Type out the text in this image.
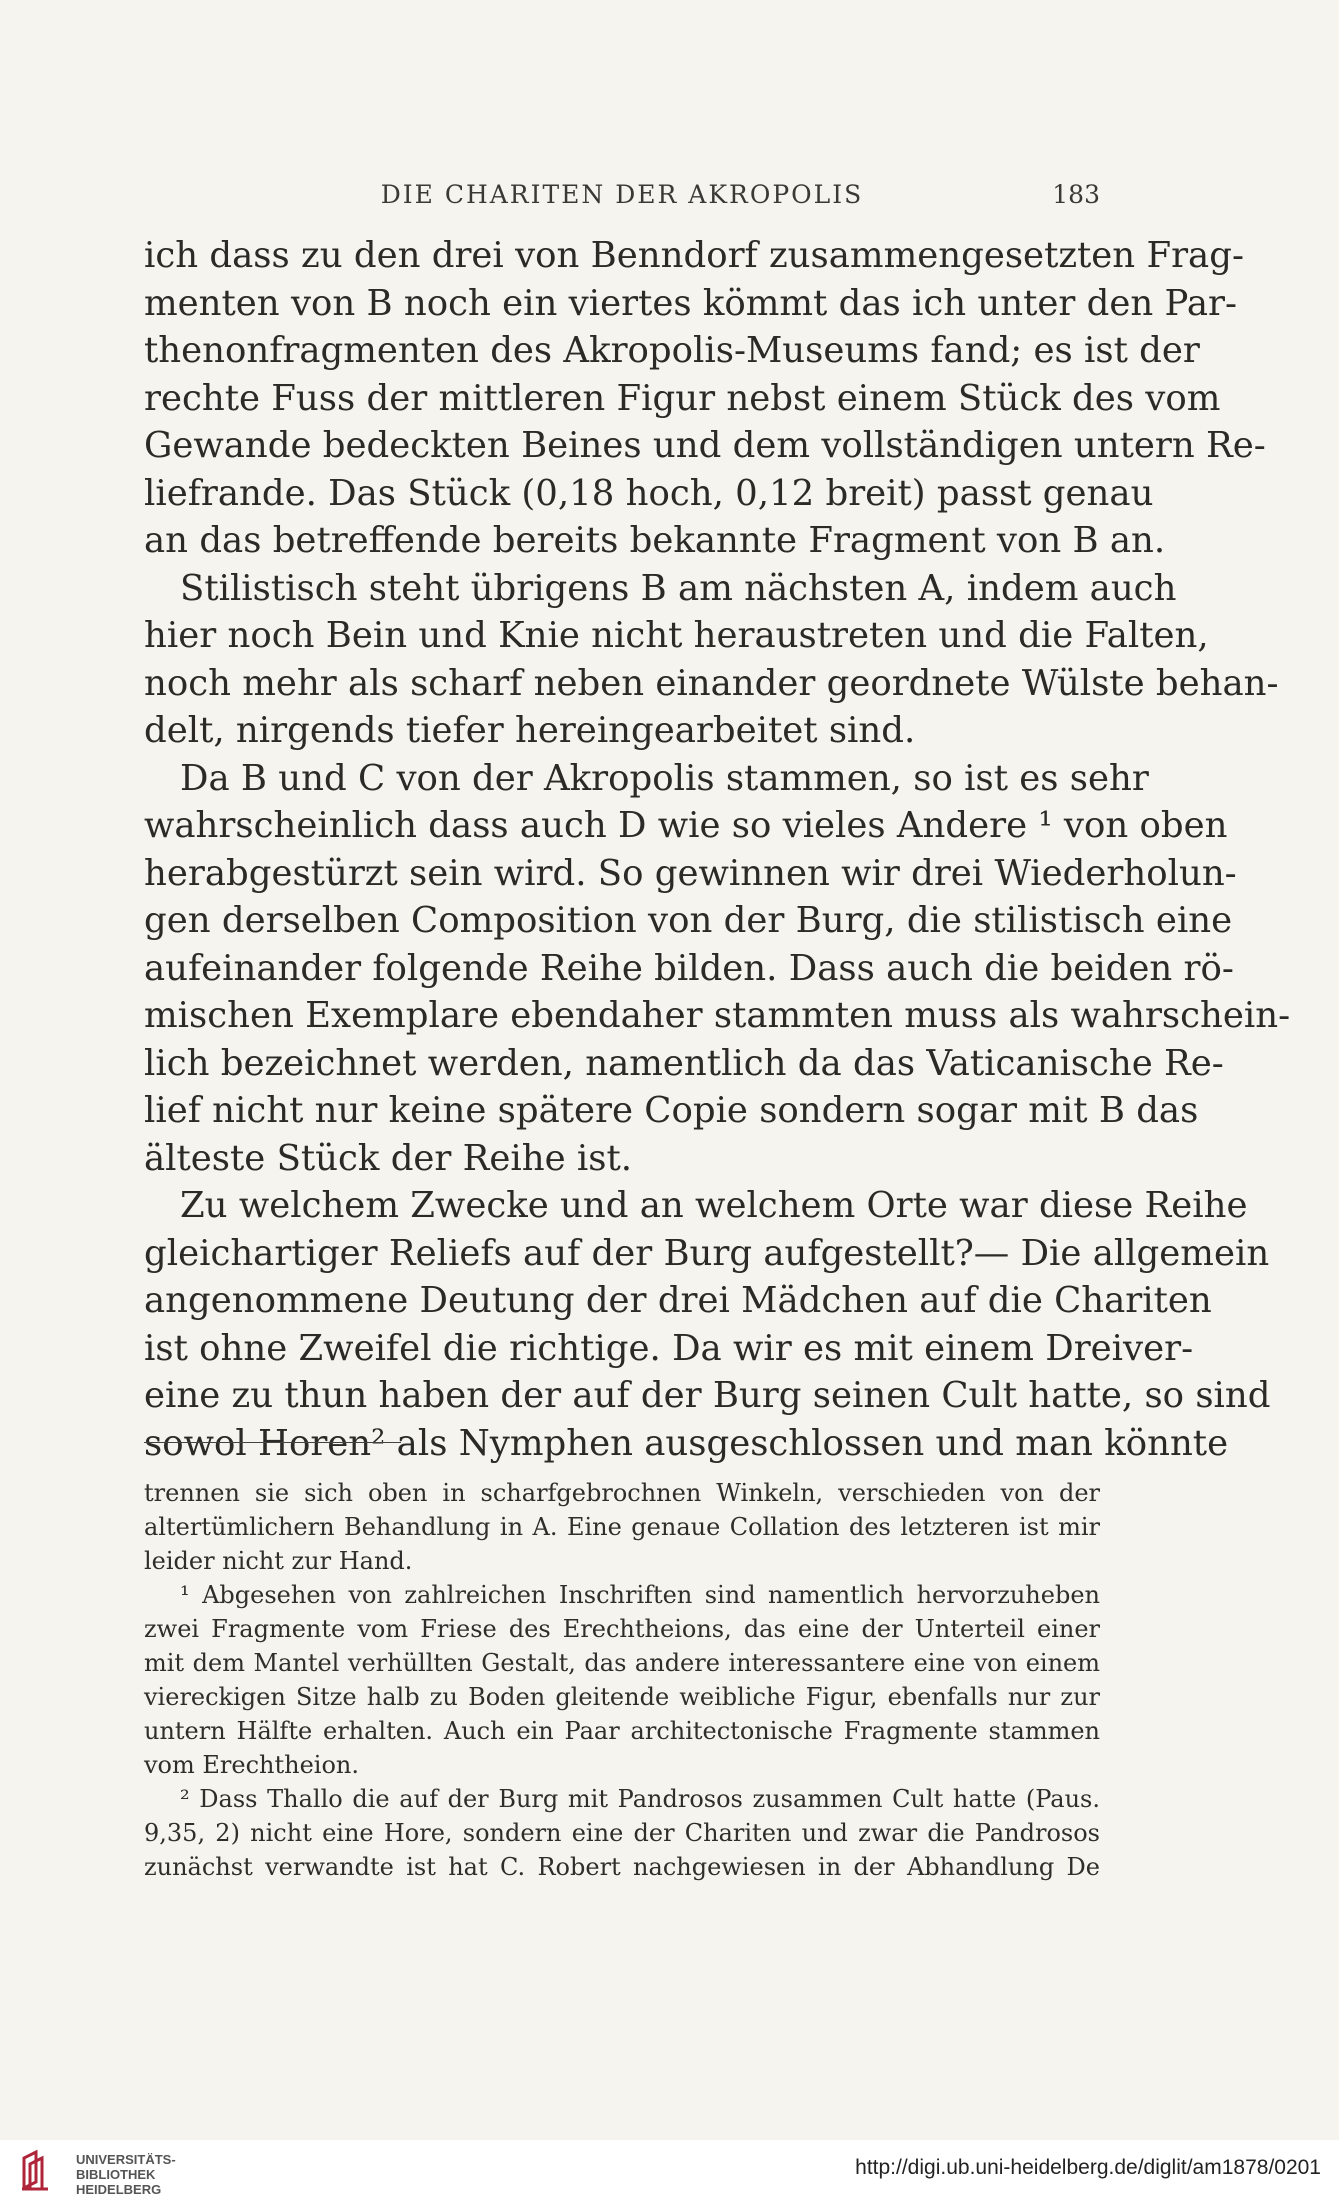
DIE CHARITEN DER AKROPOLIS	183
ich dass zu den drei von Benndorf zusammengesetzten Frag-
menten von B noch ein viertes kömmt das ich unter den Par-
thenonfragmenten des Akropolis-Museums fand; es ist der
rechte Fuss der mittleren Figur nebst einem Stück des vom
Gewande bedeckten Beines und dem vollständigen untern Re-
liefrande. Das Stück (0,18 hoch, 0,12 breit) passt genau
an das betreffende bereits bekannte Fragment von B an.
Stilistisch steht übrigens B am nächsten A, indem auch
hier noch Bein und Knie nicht heraustreten und die Falten,
noch mehr als scharf neben einander geordnete Wülste behan-
delt, nirgends tiefer hereingearbeitet sind.
Da B und C von der Akropolis stammen, so ist es sehr
wahrscheinlich dass auch D wie so vieles Andere ¹ von oben
herabgestürzt sein wird. So gewinnen wir drei Wiederholun-
gen derselben Composition von der Burg, die stilistisch eine
aufeinander folgende Reihe bilden. Dass auch die beiden rö-
mischen Exemplare ebendaher stammten muss als wahrschein-
lich bezeichnet werden, namentlich da das Vaticanische Re-
lief nicht nur keine spätere Copie sondern sogar mit B das
älteste Stück der Reihe ist.
Zu welchem Zwecke und an welchem Orte war diese Reihe
gleichartiger Reliefs auf der Burg aufgestellt?— Die allgemein
angenommene Deutung der drei Mädchen auf die Chariten
ist ohne Zweifel die richtige. Da wir es mit einem Dreiver-
eine zu thun haben der auf der Burg seinen Cult hatte, so sind
sowol Horen² als Nymphen ausgeschlossen und man könnte
trennen sie sich oben in scharfgebrochnen Winkeln, verschieden von der
altertümlichern Behandlung in A. Eine genaue Collation des letzteren ist mir
leider nicht zur Hand.
¹ Abgesehen von zahlreichen Inschriften sind namentlich hervorzuheben
zwei Fragmente vom Friese des Erechtheions, das eine der Unterteil einer
mit dem Mantel verhüllten Gestalt, das andere interessantere eine von einem
viereckigen Sitze halb zu Boden gleitende weibliche Figur, ebenfalls nur zur
untern Hälfte erhalten. Auch ein Paar architectonische Fragmente stammen
vom Erechtheion.
² Dass Thallo die auf der Burg mit Pandrosos zusammen Cult hatte (Paus.
9,35, 2) nicht eine Hore, sondern eine der Chariten und zwar die Pandrosos
zunächst verwandte ist hat C. Robert nachgewiesen in der Abhandlung De
UNIVERSITÄTS-
BIBLIOTHEK
HEIDELBERG
http://digi.ub.uni-heidelberg.de/diglit/am1878/0201
